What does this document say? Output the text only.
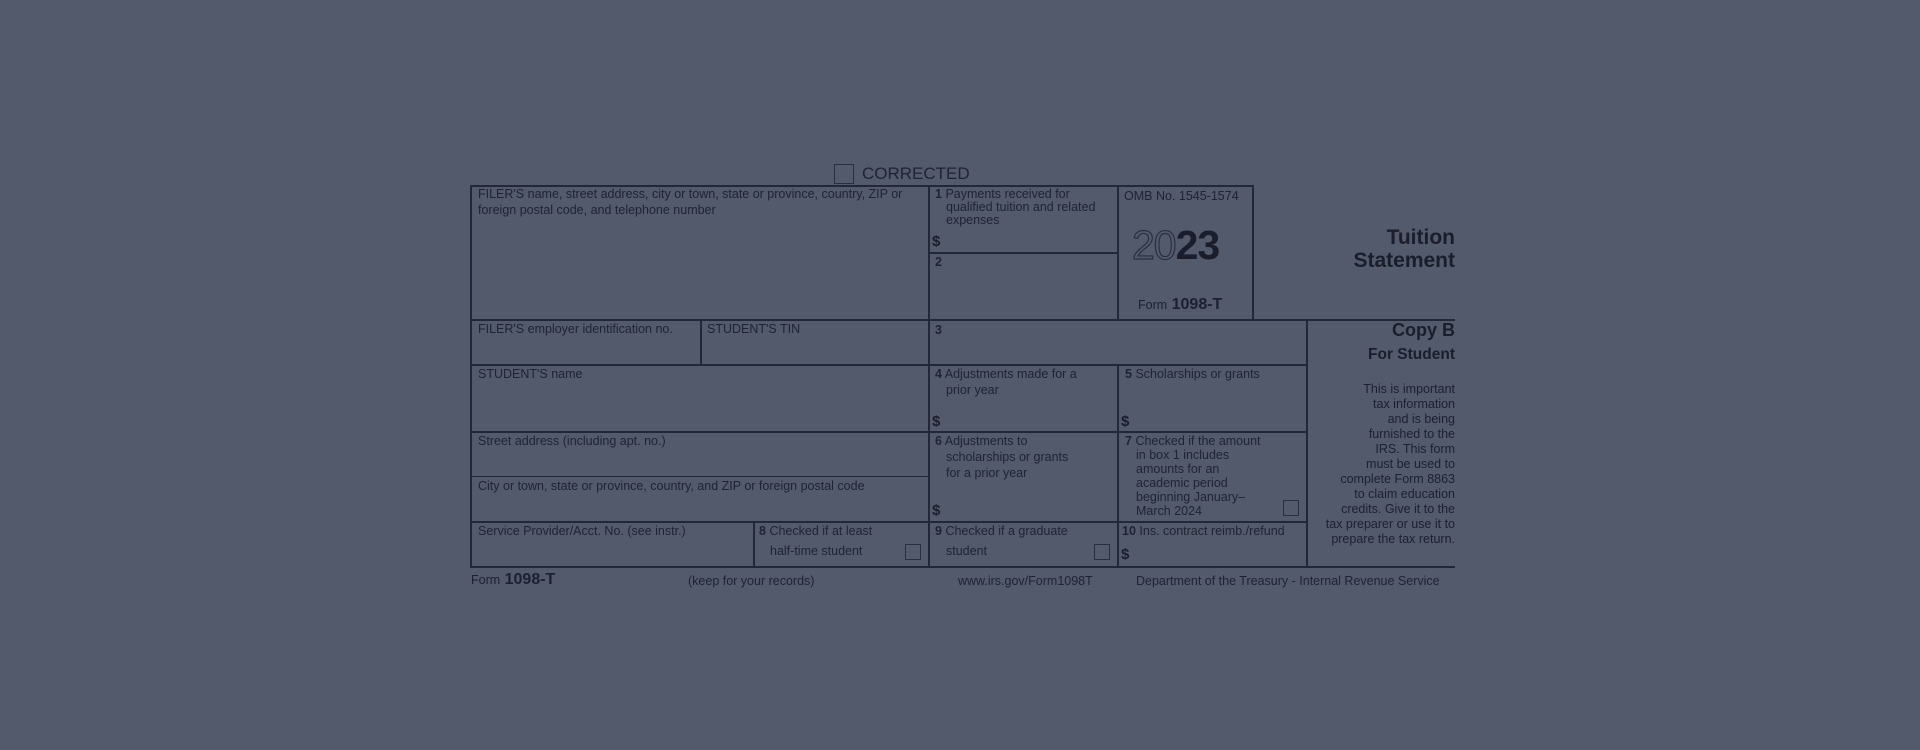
CORRECTED
FILER'S name, street address, city or town, state or province, country, ZIP or
foreign postal code, and telephone number
1 Payments received for
qualified tuition and related
expenses
$
2
OMB No. 1545-1574
2023
Form 1098-T
Tuition
Statement
Copy B
For Student
This is important
tax information
and is being
furnished to the
IRS. This form
must be used to
complete Form 8863
to claim education
credits. Give it to the
tax preparer or use it to
prepare the tax return.
FILER'S employer identification no.	STUDENT'S TIN	3
STUDENT'S name	4 Adjustments made for a
prior year
$
5 Scholarships or grants
$
Street address (including apt. no.)
City or town, state or province, country, and ZIP or foreign postal code
6 Adjustments to
scholarships or grants
for a prior year
$
7 Checked if the amount
in box 1 includes
amounts for an
academic period
beginning January–
March 2024
Service Provider/Acct. No. (see instr.)	8 Checked if at least
half-time student
9 Checked if a graduate
student
10 Ins. contract reimb./refund
$
Form 1098-T	(keep for your records)	www.irs.gov/Form1098T	Department of the Treasury - Internal Revenue Service
